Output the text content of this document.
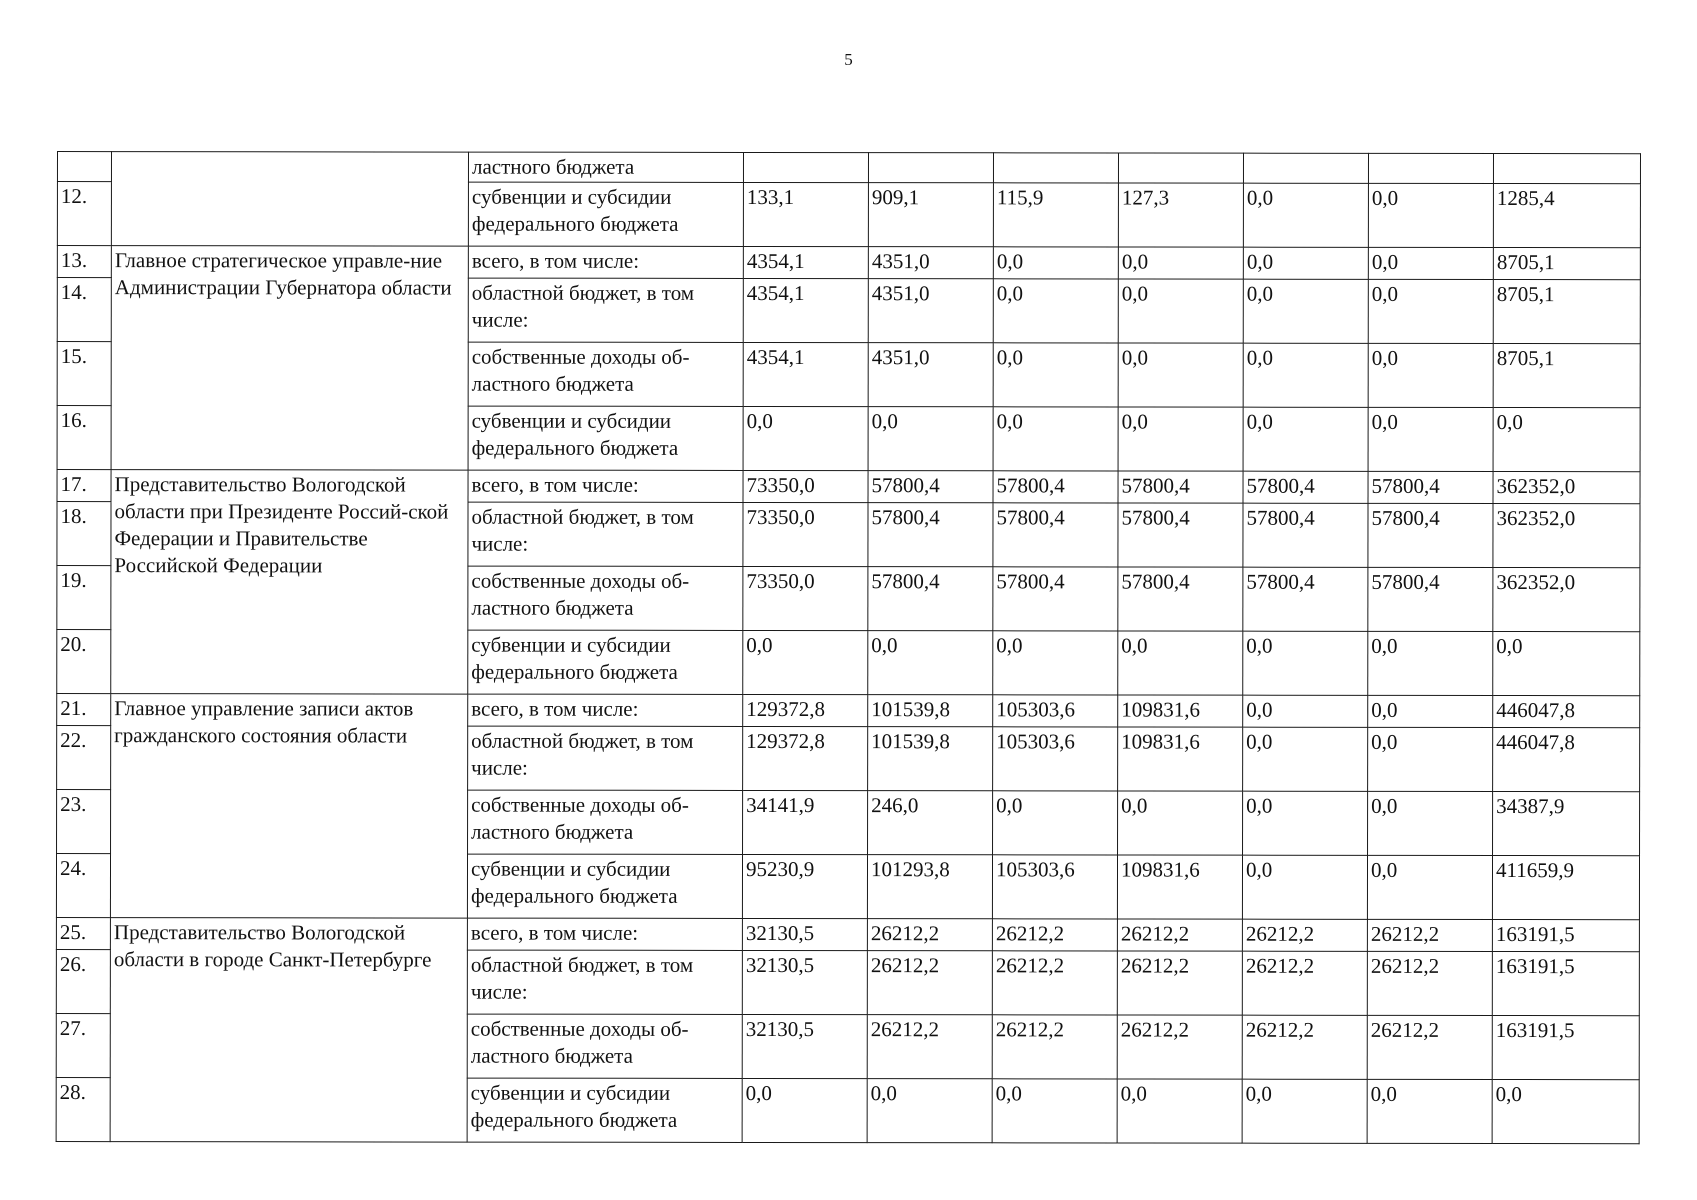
5
		ластного бюджета							
12.		субвенции и субсидии федерального бюджета	133,1	909,1	115,9	127,3	0,0	0,0	1285,4
13.	Главное стратегическое управле-ние Администрации Губернатора области	всего, в том числе:	4354,1	4351,0	0,0	0,0	0,0	0,0	8705,1
14.		областной бюджет, в том числе:	4354,1	4351,0	0,0	0,0	0,0	0,0	8705,1
15.		собственные доходы об-ластного бюджета	4354,1	4351,0	0,0	0,0	0,0	0,0	8705,1
16.		субвенции и субсидии федерального бюджета	0,0	0,0	0,0	0,0	0,0	0,0	0,0
17.	Представительство Вологодской области при Президенте Россий-ской Федерации и Правительстве Российской Федерации	всего, в том числе:	73350,0	57800,4	57800,4	57800,4	57800,4	57800,4	362352,0
18.		областной бюджет, в том числе:	73350,0	57800,4	57800,4	57800,4	57800,4	57800,4	362352,0
19.		собственные доходы об-ластного бюджета	73350,0	57800,4	57800,4	57800,4	57800,4	57800,4	362352,0
20.		субвенции и субсидии федерального бюджета	0,0	0,0	0,0	0,0	0,0	0,0	0,0
21.	Главное управление записи актов гражданского состояния области	всего, в том числе:	129372,8	101539,8	105303,6	109831,6	0,0	0,0	446047,8
22.		областной бюджет, в том числе:	129372,8	101539,8	105303,6	109831,6	0,0	0,0	446047,8
23.		собственные доходы об-ластного бюджета	34141,9	246,0	0,0	0,0	0,0	0,0	34387,9
24.		субвенции и субсидии федерального бюджета	95230,9	101293,8	105303,6	109831,6	0,0	0,0	411659,9
25.	Представительство Вологодской области в городе Санкт-Петербурге	всего, в том числе:	32130,5	26212,2	26212,2	26212,2	26212,2	26212,2	163191,5
26.		областной бюджет, в том числе:	32130,5	26212,2	26212,2	26212,2	26212,2	26212,2	163191,5
27.		собственные доходы об-ластного бюджета	32130,5	26212,2	26212,2	26212,2	26212,2	26212,2	163191,5
28.		субвенции и субсидии федерального бюджета	0,0	0,0	0,0	0,0	0,0	0,0	0,0
